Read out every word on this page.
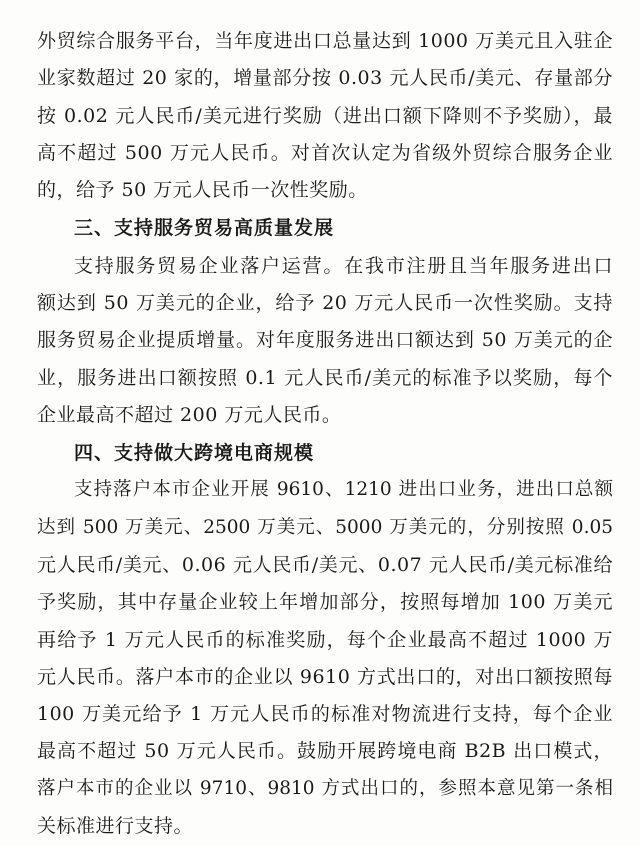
外贸综合服务平台，当年度进出口总量达到 1000 万美元且入驻企
业家数超过 20 家的，增量部分按 0.03 元人民币/美元、存量部分
按 0.02 元人民币/美元进行奖励（进出口额下降则不予奖励），最
高不超过 500 万元人民币。对首次认定为省级外贸综合服务企业
的，给予 50 万元人民币一次性奖励。
三、支持服务贸易高质量发展
支持服务贸易企业落户运营。在我市注册且当年服务进出口
额达到 50 万美元的企业，给予 20 万元人民币一次性奖励。支持
服务贸易企业提质增量。对年度服务进出口额达到 50 万美元的企
业，服务进出口额按照 0.1 元人民币/美元的标准予以奖励，每个
企业最高不超过 200 万元人民币。
四、支持做大跨境电商规模
支持落户本市企业开展 9610、1210 进出口业务，进出口总额
达到 500 万美元、2500 万美元、5000 万美元的，分别按照 0.05
元人民币/美元、0.06 元人民币/美元、0.07 元人民币/美元标准给
予奖励，其中存量企业较上年增加部分，按照每增加 100 万美元
再给予 1 万元人民币的标准奖励，每个企业最高不超过 1000 万
元人民币。落户本市的企业以 9610 方式出口的，对出口额按照每
100 万美元给予 1 万元人民币的标准对物流进行支持，每个企业
最高不超过 50 万元人民币。鼓励开展跨境电商 B2B 出口模式，
落户本市的企业以 9710、9810 方式出口的，参照本意见第一条相
关标准进行支持。
